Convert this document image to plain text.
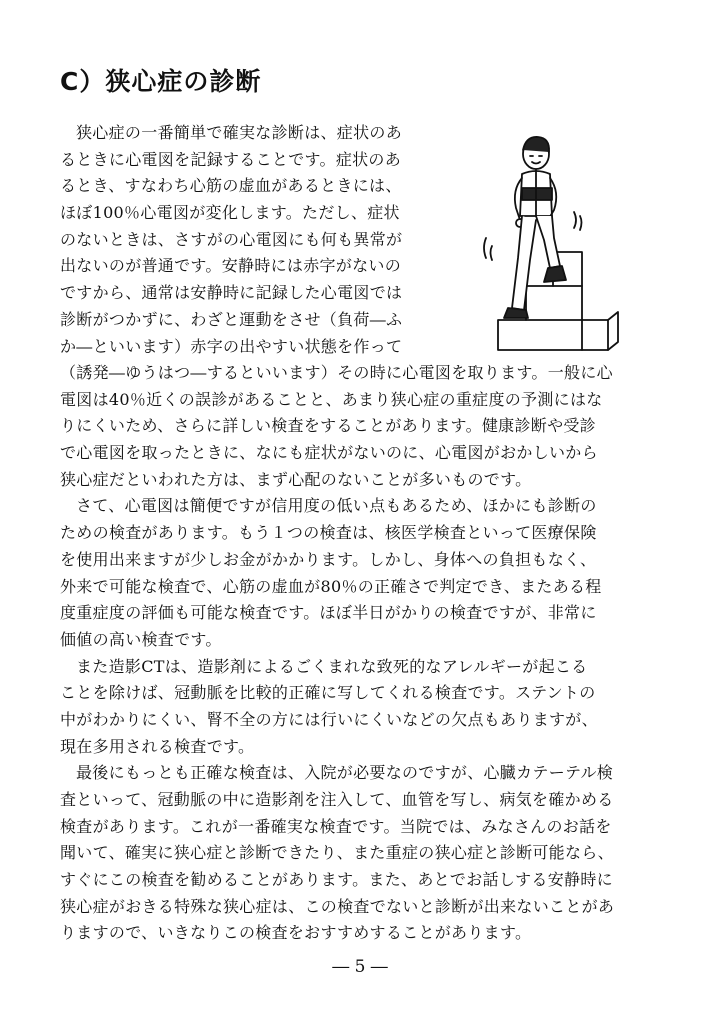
C）狭心症の診断
狭心症の一番簡単で確実な診断は、症状のあ
るときに心電図を記録することです。症状のあ
るとき、すなわち心筋の虚血があるときには、
ほぼ100％心電図が変化します。ただし、症状
のないときは、さすがの心電図にも何も異常が
出ないのが普通です。安静時には赤字がないの
ですから、通常は安静時に記録した心電図では
診断がつかずに、わざと運動をさせ（負荷―ふ
か―といいます）赤字の出やすい状態を作って
（誘発―ゆうはつ―するといいます）その時に心電図を取ります。一般に心
電図は40％近くの誤診があることと、あまり狭心症の重症度の予測にはな
りにくいため、さらに詳しい検査をすることがあります。健康診断や受診
で心電図を取ったときに、なにも症状がないのに、心電図がおかしいから
狭心症だといわれた方は、まず心配のないことが多いものです。
さて、心電図は簡便ですが信用度の低い点もあるため、ほかにも診断の
ための検査があります。もう１つの検査は、核医学検査といって医療保険
を使用出来ますが少しお金がかかります。しかし、身体への負担もなく、
外来で可能な検査で、心筋の虚血が80％の正確さで判定でき、またある程
度重症度の評価も可能な検査です。ほぼ半日がかりの検査ですが、非常に
価値の高い検査です。
また造影CTは、造影剤によるごくまれな致死的なアレルギーが起こる
ことを除けば、冠動脈を比較的正確に写してくれる検査です。ステントの
中がわかりにくい、腎不全の方には行いにくいなどの欠点もありますが、
現在多用される検査です。
最後にもっとも正確な検査は、入院が必要なのですが、心臓カテーテル検
査といって、冠動脈の中に造影剤を注入して、血管を写し、病気を確かめる
検査があります。これが一番確実な検査です。当院では、みなさんのお話を
聞いて、確実に狭心症と診断できたり、また重症の狭心症と診断可能なら、
すぐにこの検査を勧めることがあります。また、あとでお話しする安静時に
狭心症がおきる特殊な狭心症は、この検査でないと診断が出来ないことがあ
りますので、いきなりこの検査をおすすめすることがあります。
― 5 ―
